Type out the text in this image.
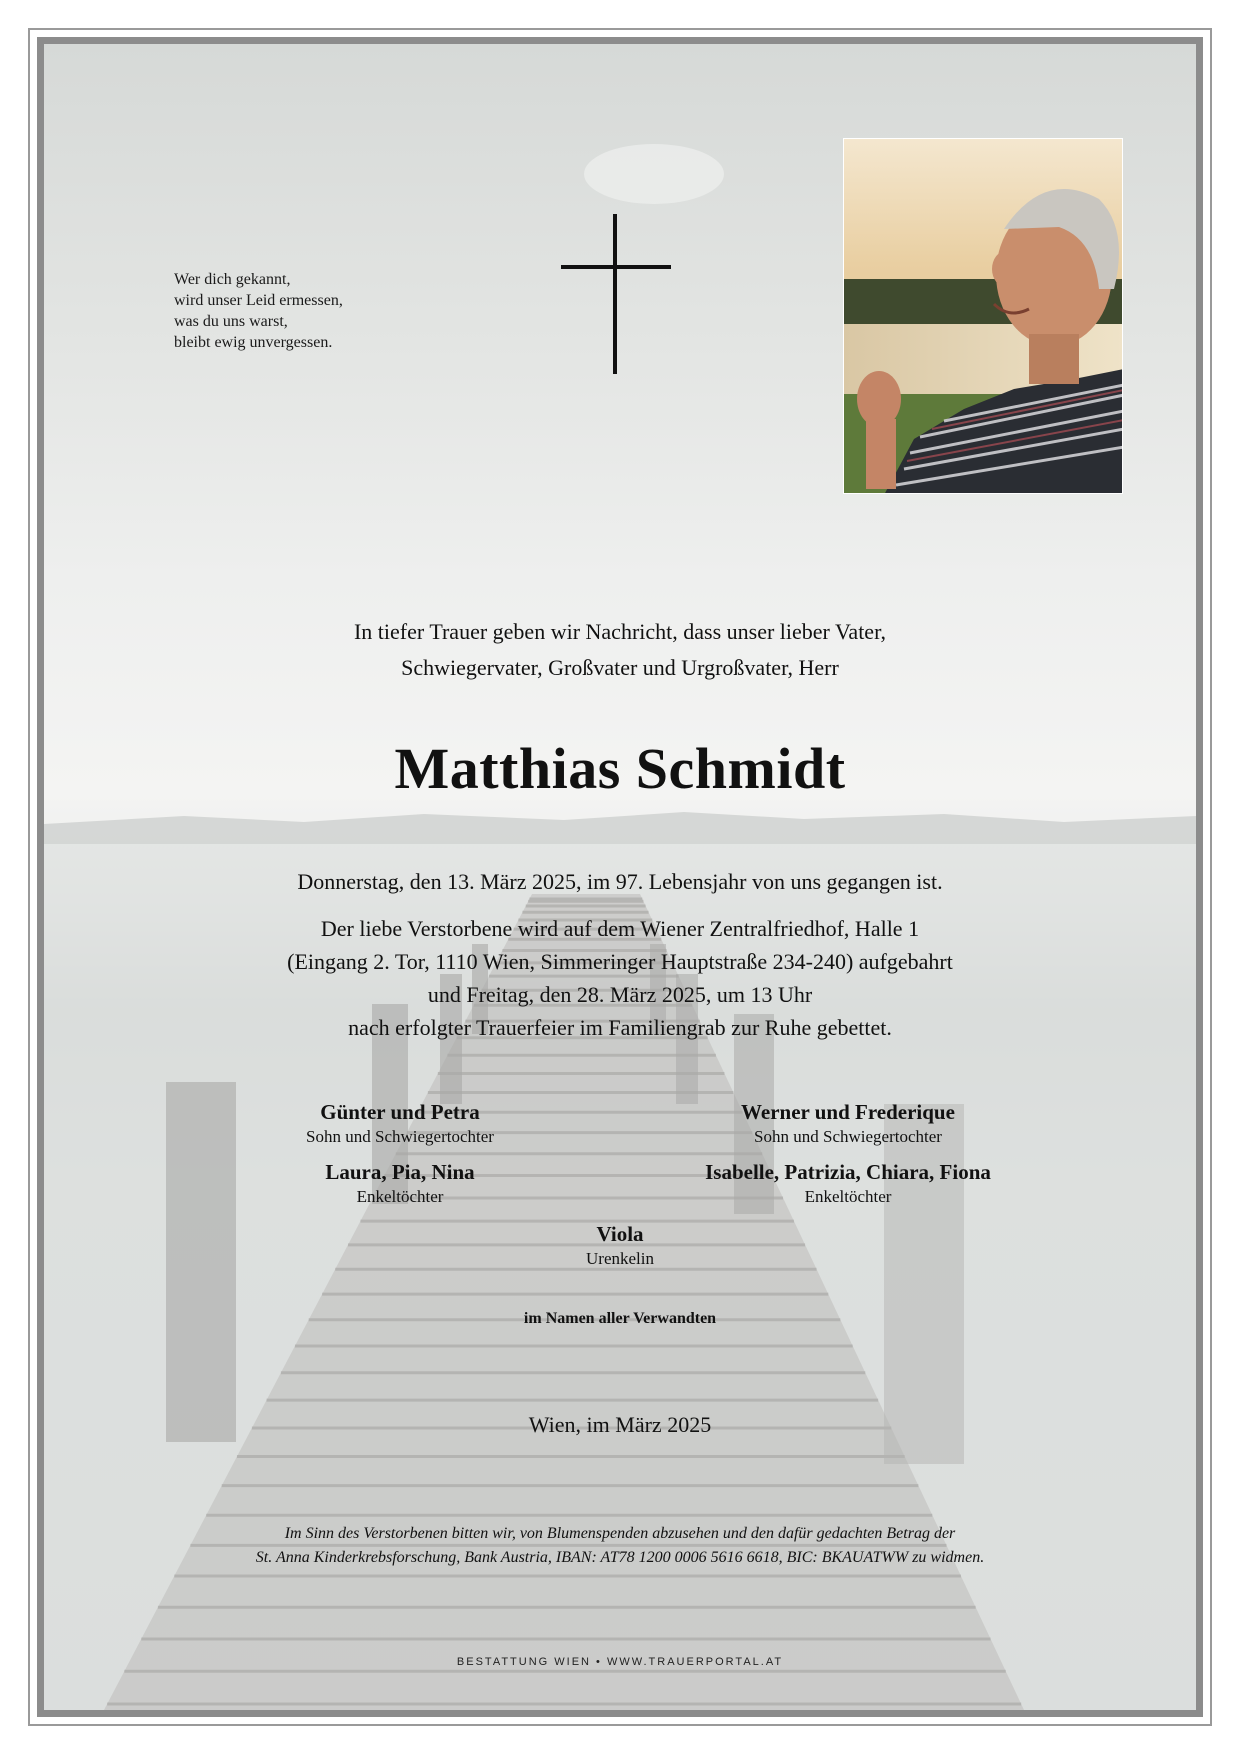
Wer dich gekannt,
wird unser Leid ermessen,
was du uns warst,
bleibt ewig unvergessen.
In tiefer Trauer geben wir Nachricht, dass unser lieber Vater,
Schwiegervater, Großvater und Urgroßvater, Herr
Matthias Schmidt
Donnerstag, den 13. März 2025, im 97. Lebensjahr von uns gegangen ist.
Der liebe Verstorbene wird auf dem Wiener Zentralfriedhof, Halle 1
(Eingang 2. Tor, 1110 Wien, Simmeringer Hauptstraße 234-240) aufgebahrt
und Freitag, den 28. März 2025, um 13 Uhr
nach erfolgter Trauerfeier im Familiengrab zur Ruhe gebettet.
Günter und Petra
Sohn und Schwiegertochter
Werner und Frederique
Sohn und Schwiegertochter
Laura, Pia, Nina
Enkeltöchter
Isabelle, Patrizia, Chiara, Fiona
Enkeltöchter
Viola
Urenkelin
im Namen aller Verwandten
Wien, im März 2025
Im Sinn des Verstorbenen bitten wir, von Blumenspenden abzusehen und den dafür gedachten Betrag der
St. Anna Kinderkrebsforschung, Bank Austria, IBAN: AT78 1200 0006 5616 6618, BIC: BKAUATWW zu widmen.
BESTATTUNG WIEN • WWW.TRAUERPORTAL.AT
